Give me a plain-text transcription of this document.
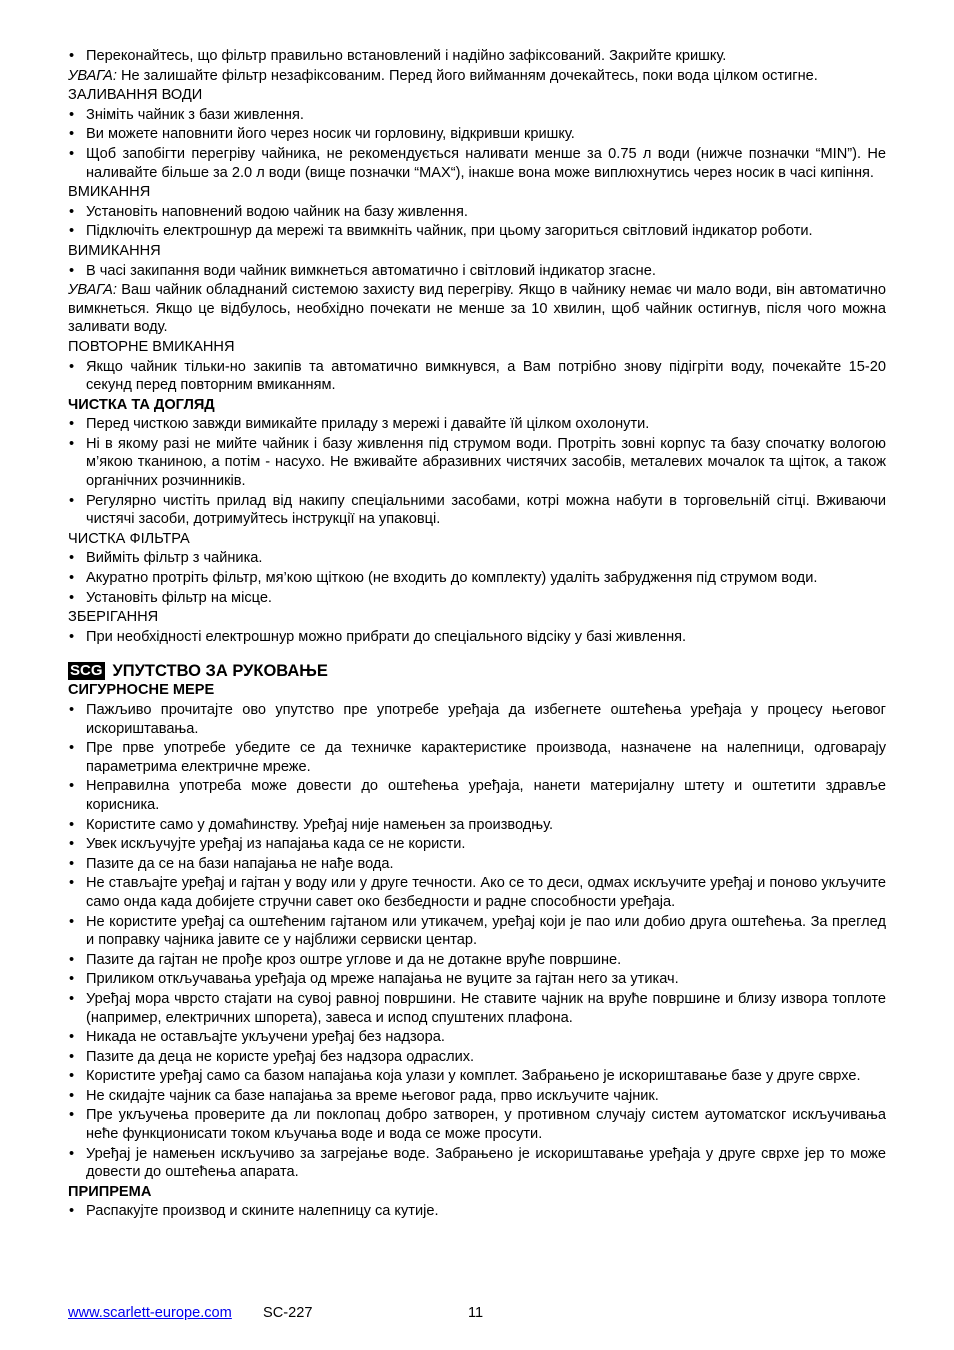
• Переконайтесь, що фільтр правильно встановлений і надійно зафіксований. Закрийте кришку.

УВАГА: Не залишайте фільтр незафіксованим. Перед його вийманням дочекайтесь, поки вода цілком остигне.

ЗАЛИВАННЯ ВОДИ
• Зніміть чайник з бази живлення.
• Ви можете наповнити його через носик чи горловину, відкривши кришку.
• Щоб запобігти перегріву чайника, не рекомендується наливати менше за 0.75 л води (нижче позначки “MIN”). Не наливайте більше за 2.0 л води (вище позначки “MAX“), інакше вона може виплюхнутись через носик в часі кипіння.
ВМИКАННЯ
• Установіть наповнений водою чайник на базу живлення.
• Підключіть електрошнур да мережі та ввимкніть чайник, при цьому загориться світловий індикатор роботи.
ВИМИКАННЯ
• В часі закипання води чайник вимкнеться автоматично і світловий індикатор згасне.

УВАГА: Ваш чайник обладнаний системою захисту вид перегріву. Якщо в чайнику немає чи мало води, він автоматично вимкнеться. Якщо це відбулось, необхідно почекати не менше за 10 хвилин, щоб чайник остигнув, після чого можна заливати воду.

ПОВТОРНЕ ВМИКАННЯ
• Якщо чайник тільки-но закипів та автоматично вимкнувся, а Вам потрібно знову підігріти воду, почекайте 15-20 секунд перед повторним вмиканням.
ЧИСТКА ТА ДОГЛЯД
• Перед чисткою завжди вимикайте приладу з мережі і давайте їй цілком охолонути.
• Ні в якому разі не мийте чайник і базу живлення під струмом води. Протріть зовні корпус та базу спочатку вологою м’якою тканиною, а потім - насухо. Не вживайте абразивних чистячих засобів, металевих мочалок та щіток, а також органічних розчинників.
• Регулярно чистіть прилад від накипу спеціальними засобами, котрі можна набути в торговельній сітці. Вживаючи чистячі засоби, дотримуйтесь інструкції на упаковці.
ЧИСТКА ФІЛЬТРА
• Вийміть фільтр з чайника.
• Акуратно протріть фільтр, мя’кою щіткою (не входить до комплекту) удаліть забрудження під струмом води.
• Установіть фільтр на місце.
ЗБЕРІГАННЯ
• При необхідності електрошнур можно прибрати до спеціального відсіку у базі живлення.
SCG УПУТСТВО ЗА РУКОВАЊЕ
СИГУРНОСНЕ МЕРЕ
• Пажљиво прочитајте ово упутство пре употребе уређаја да избегнете оштећења уређаја у процесу његовог искориштавања.
• Пре прве употребе убедите се да техничке карактеристике производа, назначене на налепници, одговарају параметрима електричне мреже.
• Неправилна употреба може довести до оштећења уређаја, нанети материјалну штету и оштетити здравље корисника.
• Користите само у домаћинству. Уређај није намењен за производњу.
• Увек искључујте уређај из напајања када се не користи.
• Пазите да се на бази напајања не нађе вода.
• Не стављајте уређај и гајтан у воду или у друге течности. Ако се то деси, одмах искључите уређај и поново укључите само онда када добијете стручни савет око безбедности и радне способности уређаја.
• Не користите уређај са оштећеним гајтаном или утикачем, уређај који је пао или добио друга оштећења. За преглед и поправку чајника јавите се у најближи сервиски центар.
• Пазите да гајтан не прође кроз оштре углове и да не дотакне вруће површине.
• Приликом откључавања уређаја од мреже напајања не вуците за гајтан него за утикач.
• Уређај мора чврсто стајати на сувој равној површини. Не ставите чајник на вруће површине и близу извора топлоте (например, електричних шпорета), завеса и испод спуштених плафона.
• Никада не остављајте укључени уређај без надзора.
• Пазите да деца не користе уређај без надзора одраслих.
• Користите уређај само са базом напајања која улази у комплет. Забрањено је искориштавање базе у друге сврхе.
• Не скидајте чајник са базе напајања за време његовог рада, прво искључите чајник.
• Пре укључења проверите да ли поклопац добро затворен, у противном случају систем аутоматског искључивања неће функционисати током кључања воде и вода се може просути.
• Уређај је намењен искључиво за загрејање воде. Забрањено је искориштавање уређаја у друге сврхе јер то може довести до оштећења апарата.
ПРИПРЕМА
• Распакујте производ и скините налепницу са кутије.
www.scarlett-europe.com SC-227	11
